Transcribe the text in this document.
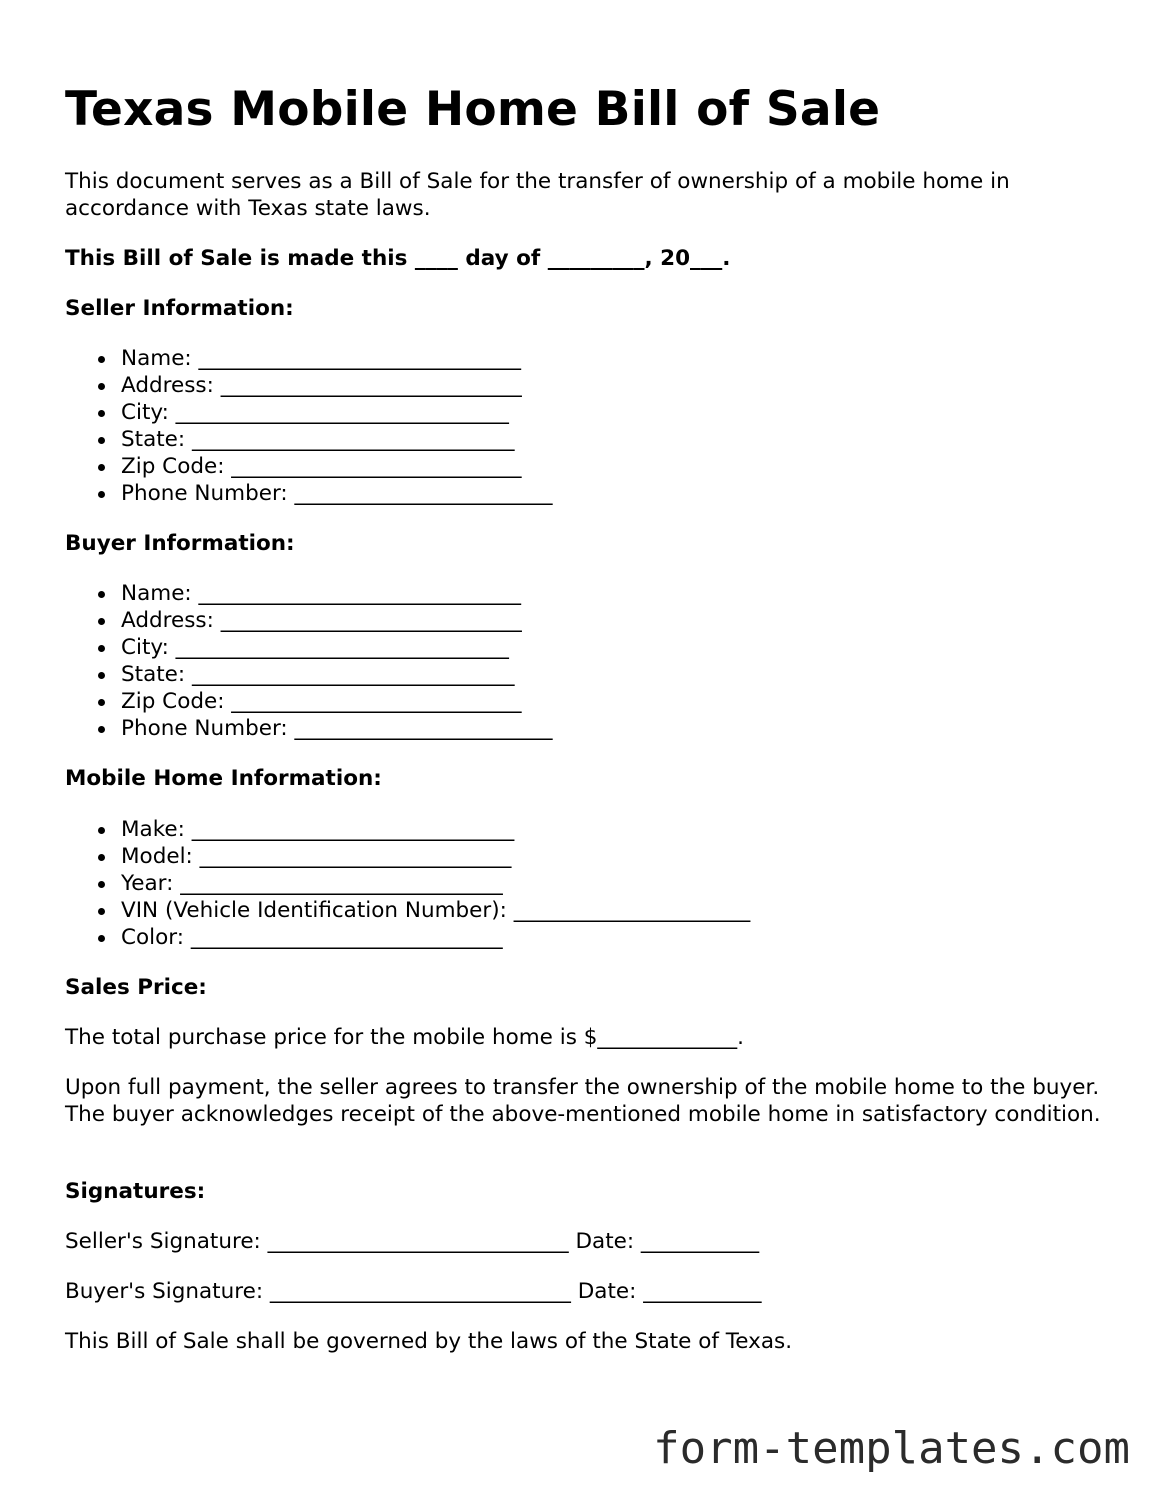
Texas Mobile Home Bill of Sale

This document serves as a Bill of Sale for the transfer of ownership of a mobile home in accordance with Texas state laws.

This Bill of Sale is made this ____ day of _________, 20___.

Seller Information:

Name: ______________________________
Address: ____________________________
City: _______________________________
State: ______________________________
Zip Code: ___________________________
Phone Number: ________________________

Buyer Information:

Name: ______________________________
Address: ____________________________
City: _______________________________
State: ______________________________
Zip Code: ___________________________
Phone Number: ________________________

Mobile Home Information:

Make: ______________________________
Model: _____________________________
Year: ______________________________
VIN (Vehicle Identification Number): ______________________
Color: _____________________________

Sales Price:

The total purchase price for the mobile home is $_____________.

Upon full payment, the seller agrees to transfer the ownership of the mobile home to the buyer. The buyer acknowledges receipt of the above-mentioned mobile home in satisfactory condition.

Signatures:

Seller's Signature: ____________________________ Date: ___________

Buyer's Signature: ____________________________ Date: ___________

This Bill of Sale shall be governed by the laws of the State of Texas.

form-templates.com
